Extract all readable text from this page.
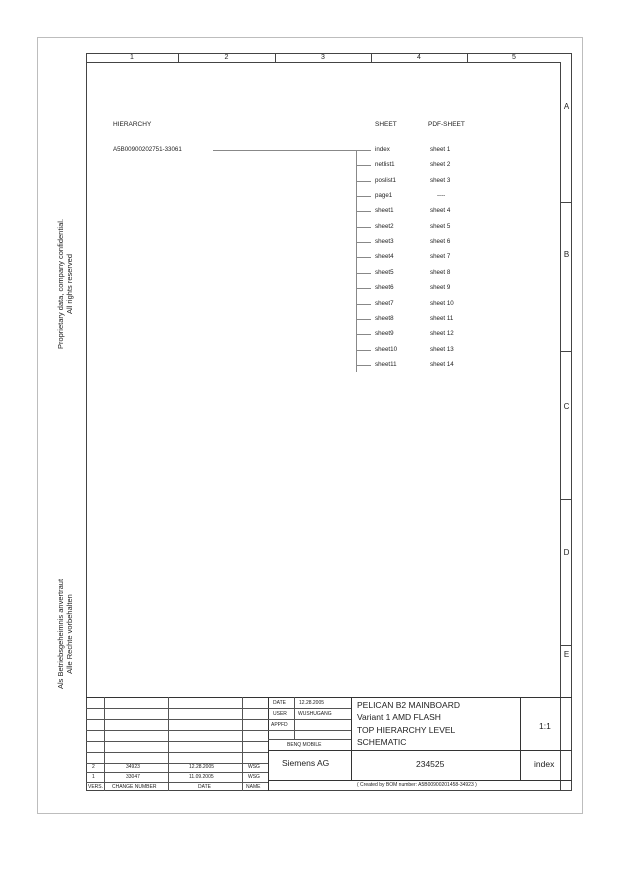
Proprietary data, company confidential. All rights reserved
Als Betriebsgeheimnis anvertraut Alle Rechte vorbehalten
1	2	3	4	5
A
B
C
D
E
HIERARCHY	SHEET	PDF-SHEET
A5B00900202751-33061	index	sheet 1
netlist1	sheet 2
poslist1	sheet 3
page1	----
sheet1	sheet 4
sheet2	sheet 5
sheet3	sheet 6
sheet4	sheet 7
sheet5	sheet 8
sheet6	sheet 9
sheet7	sheet 10
sheet8	sheet 11
sheet9	sheet 12
sheet10	sheet 13
sheet11	sheet 14
2	34923	12.28.2005	WSG
1	33047	11.09.2005	WSG
VERS. CHANGE NUMBER	DATE	NAME
DATE	12.28.2005
USER WUSHUGANG
APPFD
BENQ MOBILE
Siemens AG
PELICAN B2 MAINBOARD
Variant 1 AMD FLASH
TOP HIERARCHY LEVEL
SCHEMATIC
1:1
234525	index
( Created by BOM number: A5B00900201458-34923 )
